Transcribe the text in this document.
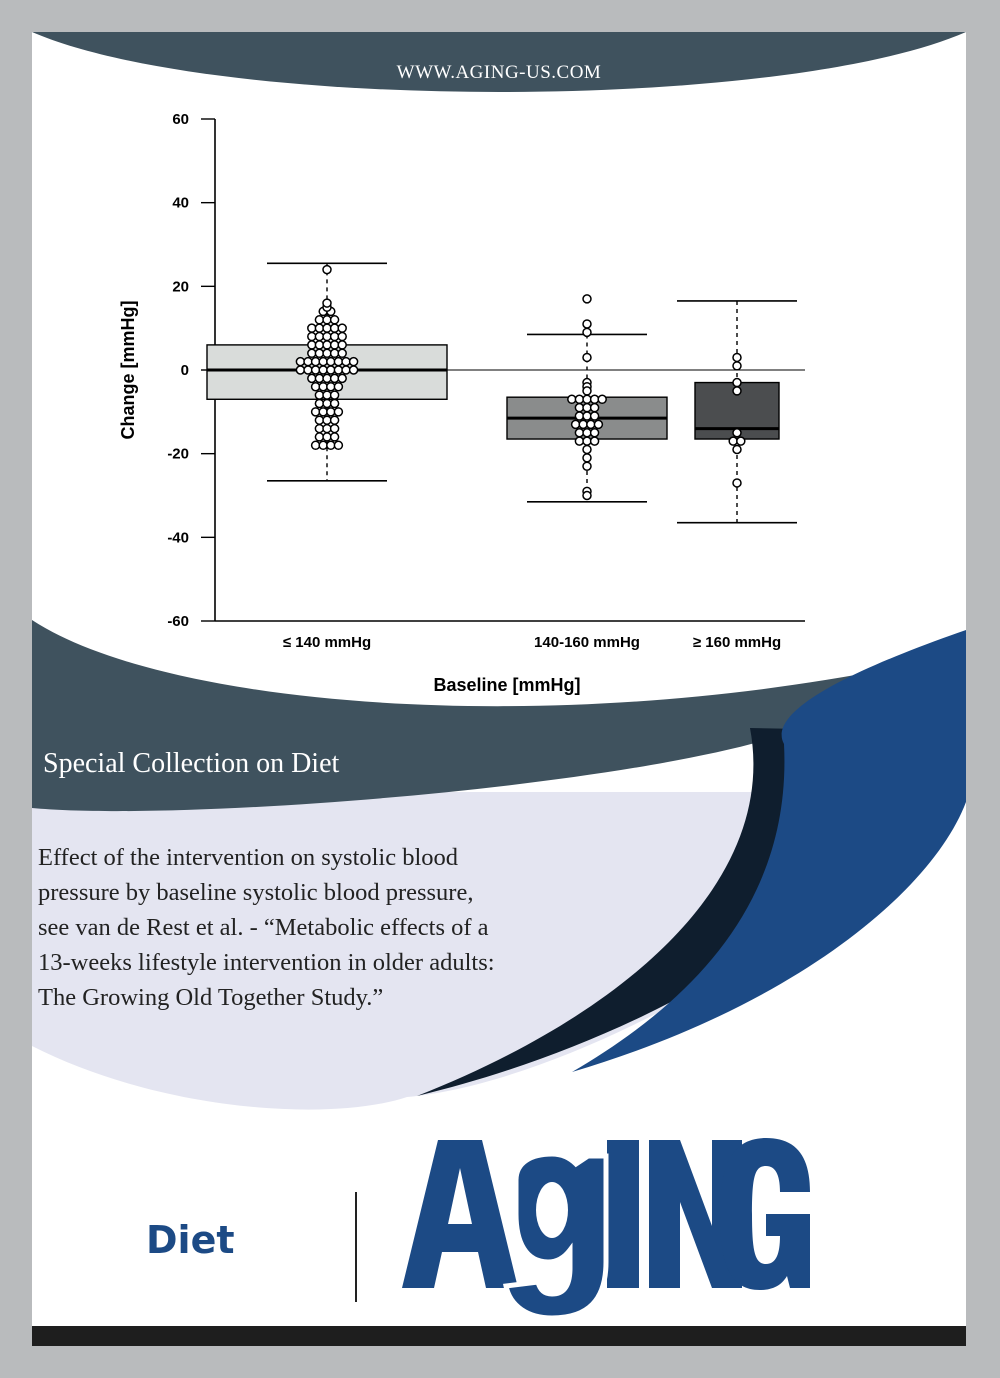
WWW.AGING-US.COM
-60
-40
-20
0
20
40
60
≤ 140 mmHg	140-160 mmHg	≥ 160 mmHg
Baseline [mmHg]
Change [mmHg]
Special Collection on Diet
Effect of the intervention on systolic blood
pressure by baseline systolic blood pressure,
see van de Rest et al. - “Metabolic effects of a
13-weeks lifestyle intervention in older adults:
The Growing Old Together Study.”
Diet
